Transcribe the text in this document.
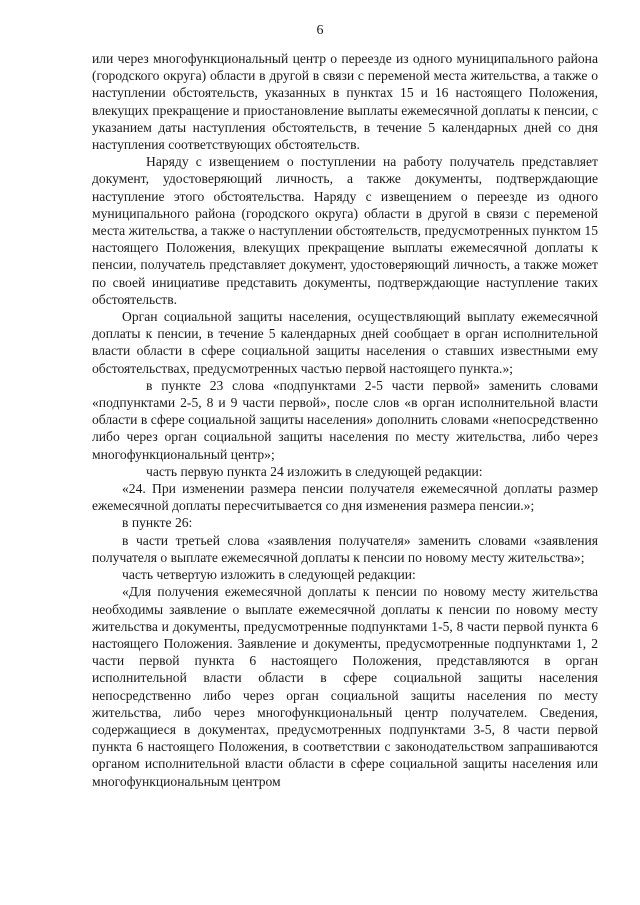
6

или через многофункциональный центр о переезде из одного муниципального района (городского округа) области в другой в связи с переменой места жительства, а также о наступлении обстоятельств, указанных в пунктах 15 и 16 настоящего Положения, влекущих прекращение и приостановление выплаты ежемесячной доплаты к пенсии, с указанием даты наступления обстоятельств, в течение 5 календарных дней со дня наступления соответствующих обстоятельств.

Наряду с извещением о поступлении на работу получатель представляет документ, удостоверяющий личность, а также документы, подтверждающие наступление этого обстоятельства. Наряду с извещением о переезде из одного муниципального района (городского округа) области в другой в связи с переменой места жительства, а также о наступлении обстоятельств, предусмотренных пунктом 15 настоящего Положения, влекущих прекращение выплаты ежемесячной доплаты к пенсии, получатель представляет документ, удостоверяющий личность, а также может по своей инициативе представить документы, подтверждающие наступление таких обстоятельств.

Орган социальной защиты населения, осуществляющий выплату ежемесячной доплаты к пенсии, в течение 5 календарных дней сообщает в орган исполнительной власти области в сфере социальной защиты населения о ставших известными ему обстоятельствах, предусмотренных частью первой настоящего пункта.»;

в пункте 23 слова «подпунктами 2-5 части первой» заменить словами «подпунктами 2-5, 8 и 9 части первой», после слов «в орган исполнительной власти области в сфере социальной защиты населения» дополнить словами «непосредственно либо через орган социальной защиты населения по месту жительства, либо через многофункциональный центр»;

часть первую пункта 24 изложить в следующей редакции:

«24. При изменении размера пенсии получателя ежемесячной доплаты размер ежемесячной доплаты пересчитывается со дня изменения размера пенсии.»;

в пункте 26:

в части третьей слова «заявления получателя» заменить словами «заявления получателя о выплате ежемесячной доплаты к пенсии по новому месту жительства»;

часть четвертую изложить в следующей редакции:

«Для получения ежемесячной доплаты к пенсии по новому месту жительства необходимы заявление о выплате ежемесячной доплаты к пенсии по новому месту жительства и документы, предусмотренные подпунктами 1-5, 8 части первой пункта 6 настоящего Положения. Заявление и документы, предусмотренные подпунктами 1, 2 части первой пункта 6 настоящего Положения, представляются в орган исполнительной власти области в сфере социальной защиты населения непосредственно либо через орган социальной защиты населения по месту жительства, либо через многофункциональный центр получателем. Сведения, содержащиеся в документах, предусмотренных подпунктами 3-5, 8 части первой пункта 6 настоящего Положения, в соответствии с законодательством запрашиваются органом исполнительной власти области в сфере социальной защиты населения или многофункциональным центром
